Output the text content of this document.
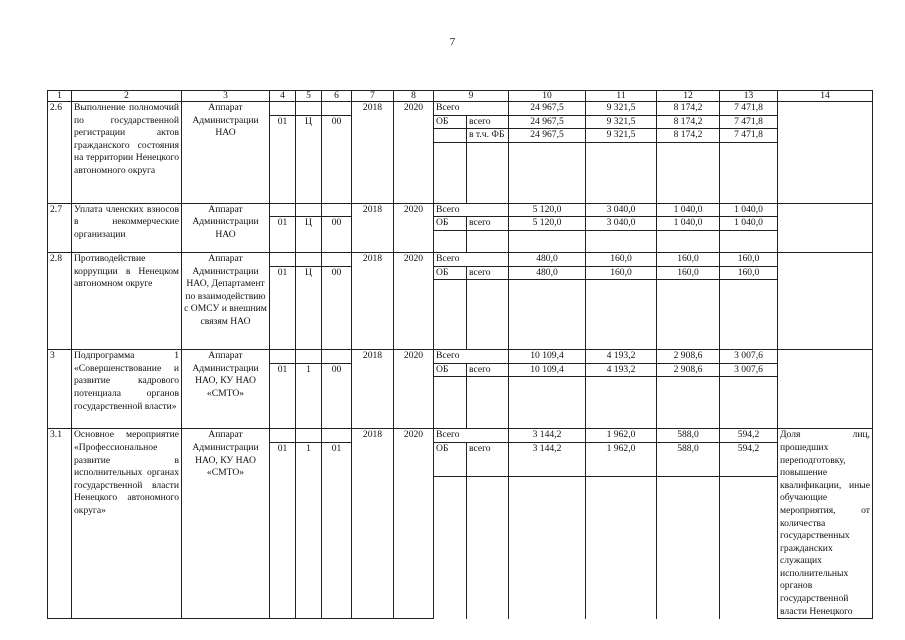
7
1	2	3	4	5	6	7	8	9		10	11	12	13	14
2.6	Выполнение полномочий по государственной регистрации актов гражданского состояния на территории Ненецкого автономного округа	Аппарат Администрации НАО				2018	2020	Всего		24 967,5	9 321,5	8 174,2	7 471,8	
			01	Ц	00			ОБ	всего	24 967,5	9 321,5	8 174,2	7 471,8	
									в т.ч. ФБ	24 967,5	9 321,5	8 174,2	7 471,8	

2.7	Уплата членских взносов в некоммерческие организации	Аппарат Администрации НАО				2018	2020	Всего		5 120,0	3 040,0	1 040,0	1 040,0	
			01	Ц	00			ОБ	всего	5 120,0	3 040,0	1 040,0	1 040,0	

2.8	Противодействие коррупции в Ненецком автономном округе	Аппарат Администрации НАО, Департамент по взаимодействию с ОМСУ и внешним связям НАО				2018	2020	Всего		480,0	160,0	160,0	160,0	
			01	Ц	00			ОБ	всего	480,0	160,0	160,0	160,0	

3	Подпрограмма 1 «Совершенствование и развитие кадрового потенциала органов государственной власти»	Аппарат Администрации НАО, КУ НАО «СМТО»				2018	2020	Всего		10 109,4	4 193,2	2 908,6	3 007,6	
			01	1	00			ОБ	всего	10 109,4	4 193,2	2 908,6	3 007,6	

3.1	Основное мероприятие «Профессиональное развитие в исполнительных органах государственной власти Ненецкого автономного округа»	Аппарат Администрации НАО, КУ НАО «СМТО»				2018	2020	Всего		3 144,2	1 962,0	588,0	594,2	Доля лиц, прошедших переподготовку, повышение квалификации, иные обучающие мероприятия, от количества государственных гражданских служащих исполнительных органов государственной власти Ненецкого
			01	1	01			ОБ	всего	3 144,2	1 962,0	588,0	594,2	
